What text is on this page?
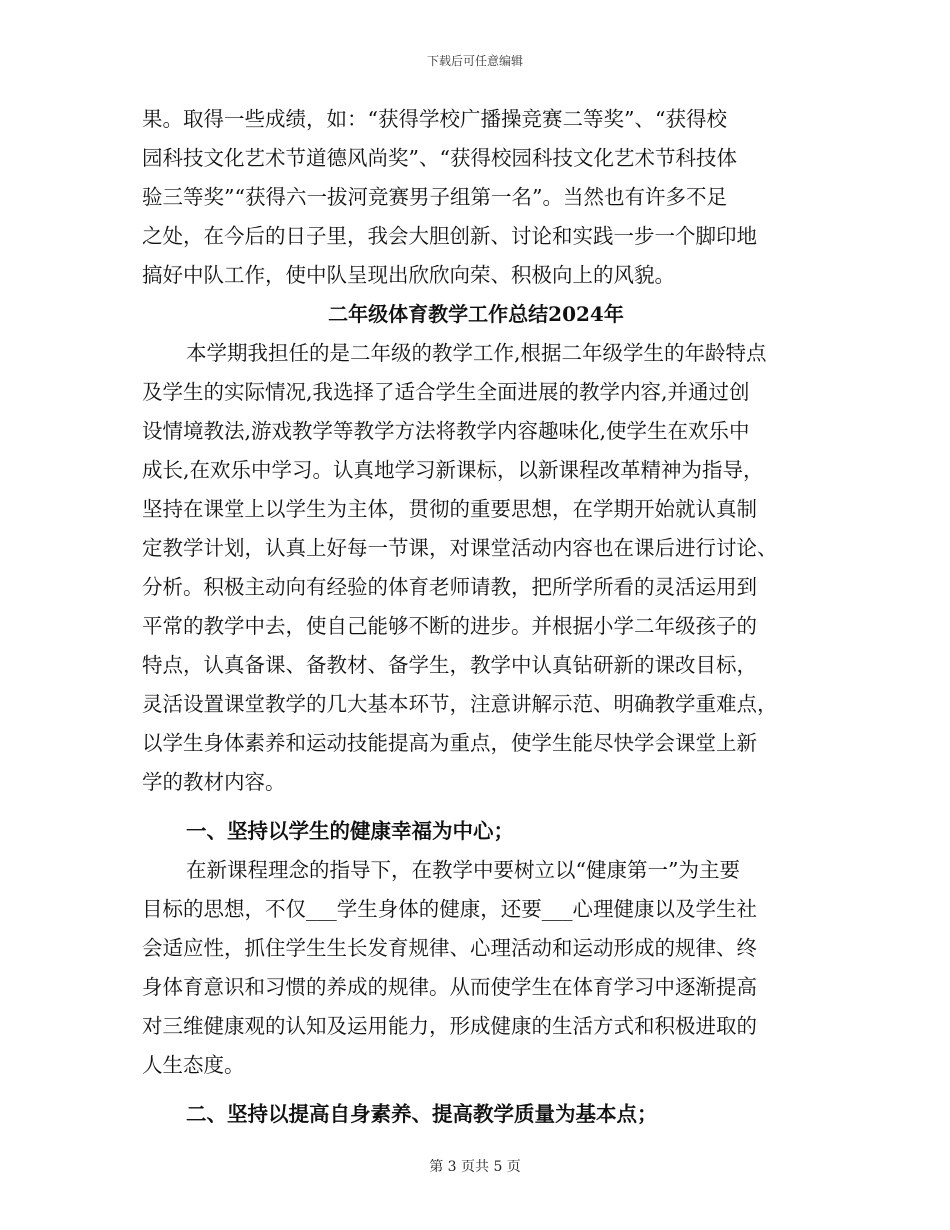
下载后可任意编辑
果。取得一些成绩，如：“获得学校广播操竞赛二等奖”、“获得校
园科技文化艺术节道德风尚奖”、“获得校园科技文化艺术节科技体
验三等奖”“获得六一拔河竞赛男子组第一名”。当然也有许多不足
之处，在今后的日子里，我会大胆创新、讨论和实践一步一个脚印地
搞好中队工作，使中队呈现出欣欣向荣、积极向上的风貌。
二年级体育教学工作总结2024年
本学期我担任的是二年级的教学工作,根据二年级学生的年龄特点
及学生的实际情况,我选择了适合学生全面进展的教学内容,并通过创
设情境教法,游戏教学等教学方法将教学内容趣味化,使学生在欢乐中
成长,在欢乐中学习。认真地学习新课标，以新课程改革精神为指导，
坚持在课堂上以学生为主体，贯彻的重要思想，在学期开始就认真制
定教学计划，认真上好每一节课，对课堂活动内容也在课后进行讨论、
分析。积极主动向有经验的体育老师请教，把所学所看的灵活运用到
平常的教学中去，使自己能够不断的进步。并根据小学二年级孩子的
特点，认真备课、备教材、备学生，教学中认真钻研新的课改目标，
灵活设置课堂教学的几大基本环节，注意讲解示范、明确教学重难点，
以学生身体素养和运动技能提高为重点，使学生能尽快学会课堂上新
学的教材内容。
一、坚持以学生的健康幸福为中心；
在新课程理念的指导下，在教学中要树立以“健康第一”为主要
目标的思想，不仅___学生身体的健康，还要___心理健康以及学生社
会适应性，抓住学生生长发育规律、心理活动和运动形成的规律、终
身体育意识和习惯的养成的规律。从而使学生在体育学习中逐渐提高
对三维健康观的认知及运用能力，形成健康的生活方式和积极进取的
人生态度。
二、坚持以提高自身素养、提高教学质量为基本点；
第 3 页共 5 页
